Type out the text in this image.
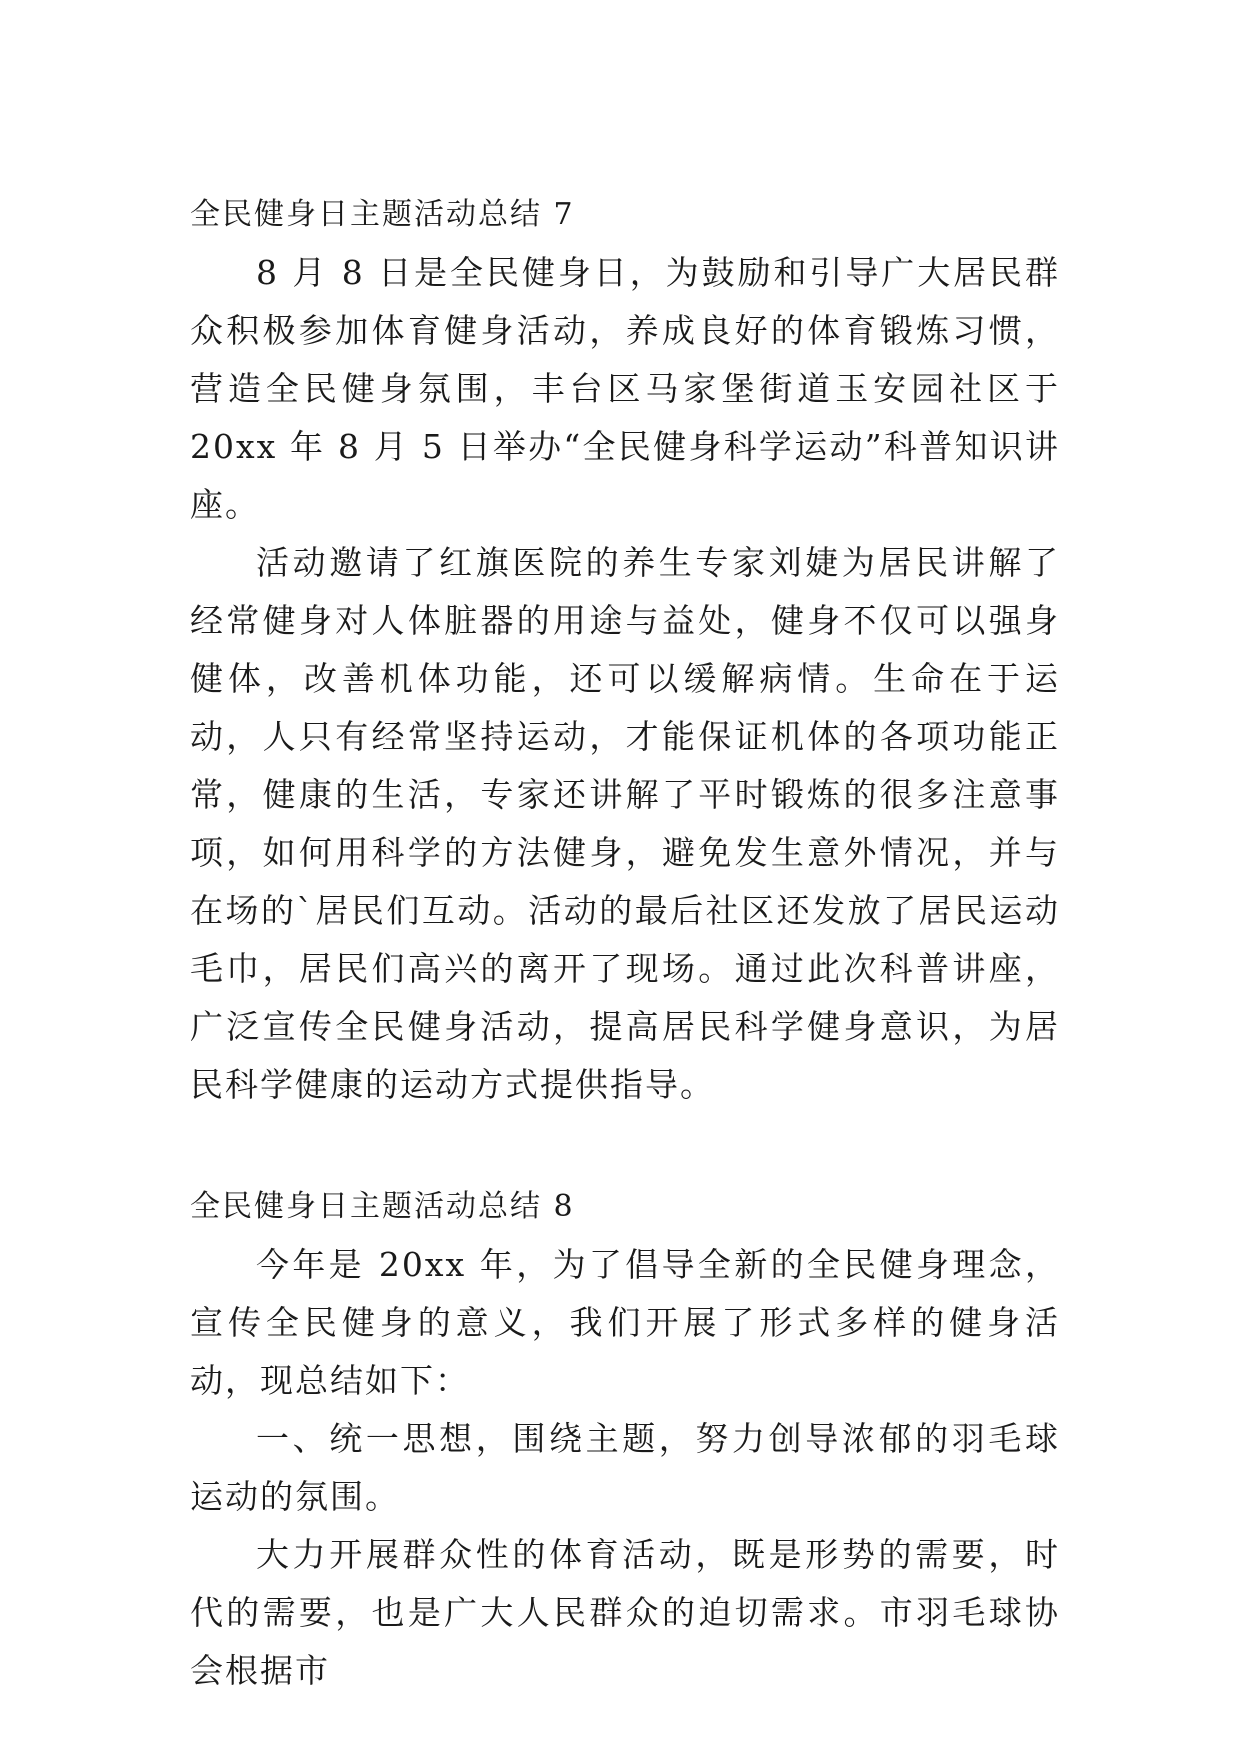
全民健身日主题活动总结 7

8 月 8 日是全民健身日，为鼓励和引导广大居民群众积极参加体育健身活动，养成良好的体育锻炼习惯，营造全民健身氛围，丰台区马家堡街道玉安园社区于 20xx 年 8 月 5 日举办“全民健身科学运动”科普知识讲座。

活动邀请了红旗医院的养生专家刘婕为居民讲解了经常健身对人体脏器的用途与益处，健身不仅可以强身健体，改善机体功能，还可以缓解病情。生命在于运动，人只有经常坚持运动，才能保证机体的各项功能正常，健康的生活，专家还讲解了平时锻炼的很多注意事项，如何用科学的方法健身，避免发生意外情况，并与在场的`居民们互动。活动的最后社区还发放了居民运动毛巾，居民们高兴的离开了现场。通过此次科普讲座，广泛宣传全民健身活动，提高居民科学健身意识，为居民科学健康的运动方式提供指导。

全民健身日主题活动总结 8

今年是 20xx 年，为了倡导全新的全民健身理念，宣传全民健身的意义，我们开展了形式多样的健身活动，现总结如下：

一、统一思想，围绕主题，努力创导浓郁的羽毛球运动的氛围。

大力开展群众性的体育活动，既是形势的需要，时代的需要，也是广大人民群众的迫切需求。市羽毛球协会根据市
